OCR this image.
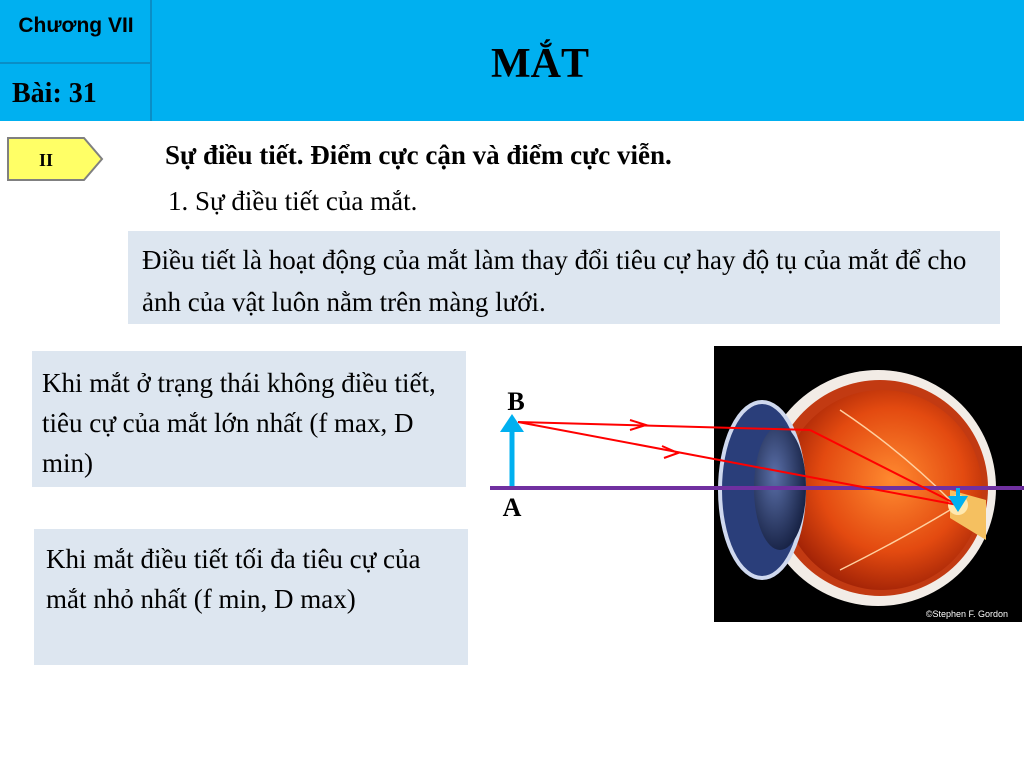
Chương VII
Bài: 31
MẮT
II	Sự điều tiết. Điểm cực cận và điểm cực viễn.
1. Sự điều tiết của mắt.
Điều tiết là hoạt động của mắt làm thay đổi tiêu cự hay độ tụ của mắt để cho ảnh của vật luôn nằm trên màng lưới.
Khi mắt ở trạng thái không điều tiết, tiêu cự của mắt lớn nhất (f max, D min)
Khi mắt điều tiết tối đa tiêu cự của mắt nhỏ nhất (f min, D max)	©Stephen F. Gordon
B
A
